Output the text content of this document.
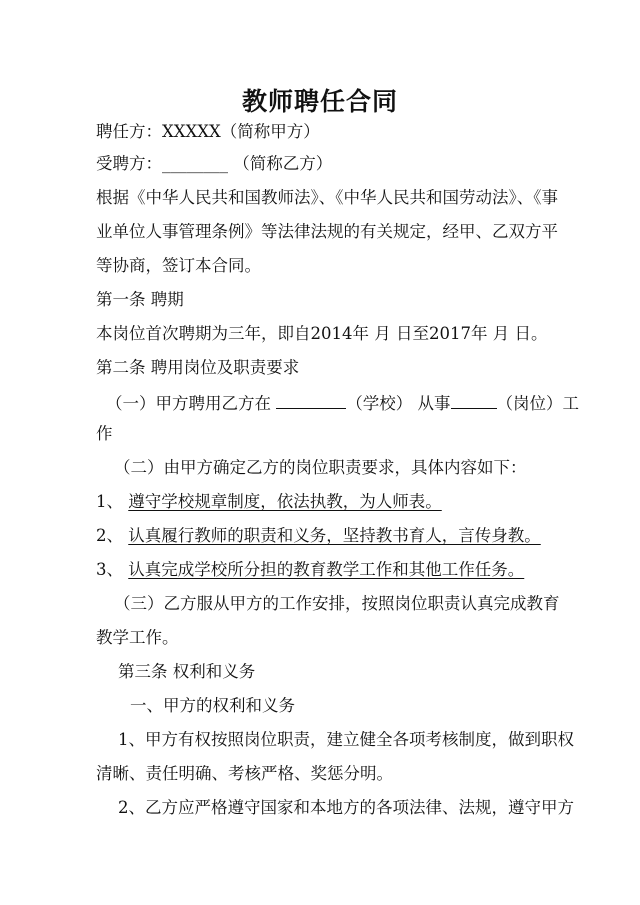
教师聘任合同
聘任方：XXXXX（简称甲方）
受聘方：________ （简称乙方）
根据《中华人民共和国教师法》、《中华人民共和国劳动法》、《事
业单位人事管理条例》等法律法规的有关规定，经甲、乙双方平
等协商，签订本合同。
第一条 聘期
本岗位首次聘期为三年，即自2014年 月 日至2017年 月 日。
第二条 聘用岗位及职责要求
（一）甲方聘用乙方在	（学校） 从事	（岗位）工
作
（二）由甲方确定乙方的岗位职责要求，具体内容如下：
1、 遵守学校规章制度，依法执教，为人师表。
2、 认真履行教师的职责和义务，坚持教书育人，言传身教。
3、 认真完成学校所分担的教育教学工作和其他工作任务。
（三）乙方服从甲方的工作安排，按照岗位职责认真完成教育
教学工作。
第三条 权利和义务
一、甲方的权利和义务
1、甲方有权按照岗位职责，建立健全各项考核制度，做到职权
清晰、责任明确、考核严格、奖惩分明。
2、乙方应严格遵守国家和本地方的各项法律、法规，遵守甲方
